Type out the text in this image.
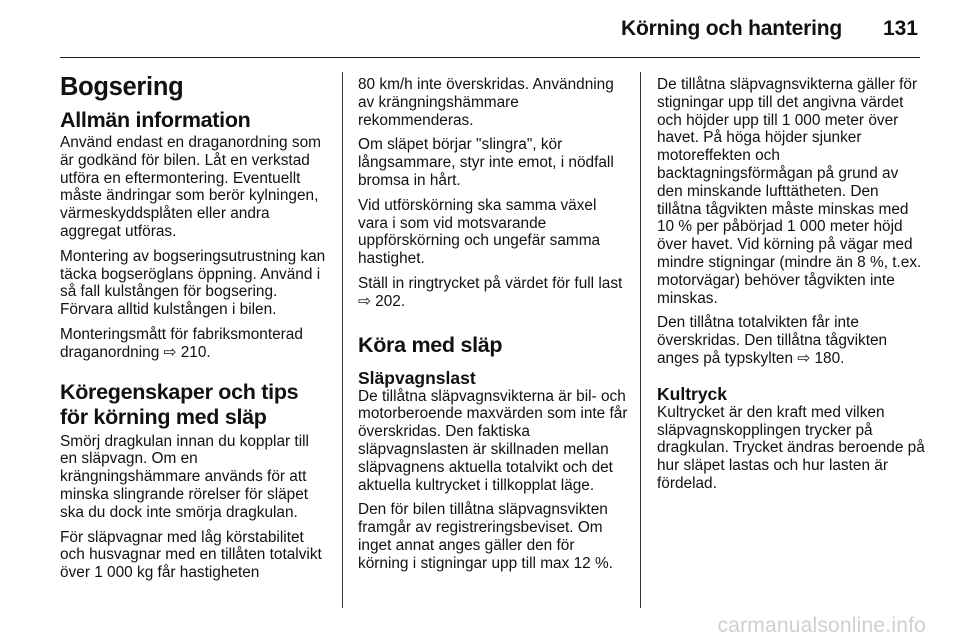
Körning och hantering 131
Bogsering
Allmän information

Använd endast en draganordning som är godkänd för bilen. Låt en verkstad utföra en eftermontering. Eventuellt måste ändringar som berör kylningen, värmeskyddsplåten eller andra aggregat utföras.

Montering av bogseringsutrustning kan täcka bogseröglans öppning. Använd i så fall kulstången för bogsering. Förvara alltid kulstången i bilen.

Monteringsmått för fabriksmonterad draganordning ⇨ 210.

Köregenskaper och tips för körning med släp

Smörj dragkulan innan du kopplar till en släpvagn. Om en krängningshämmare används för att minska slingrande rörelser för släpet ska du dock inte smörja dragkulan.

För släpvagnar med låg körstabilitet och husvagnar med en tillåten totalvikt över 1 000 kg får hastigheten

80 km/h inte överskridas. Användning av krängningshämmare rekommenderas.

Om släpet börjar "slingra", kör långsammare, styr inte emot, i nödfall bromsa in hårt.

Vid utförskörning ska samma växel vara i som vid motsvarande uppförskörning och ungefär samma hastighet.

Ställ in ringtrycket på värdet för full last ⇨ 202.

Köra med släp
Släpvagnslast

De tillåtna släpvagnsvikterna är bil- och motorberoende maxvärden som inte får överskridas. Den faktiska släpvagnslasten är skillnaden mellan släpvagnens aktuella totalvikt och det aktuella kultrycket i tillkopplat läge.

Den för bilen tillåtna släpvagnsvikten framgår av registreringsbeviset. Om inget annat anges gäller den för körning i stigningar upp till max 12 %.

De tillåtna släpvagnsvikterna gäller för stigningar upp till det angivna värdet och höjder upp till 1 000 meter över havet. På höga höjder sjunker motoreffekten och backtagningsförmågan på grund av den minskande lufttätheten. Den tillåtna tågvikten måste minskas med 10 % per påbörjad 1 000 meter höjd över havet. Vid körning på vägar med mindre stigningar (mindre än 8 %, t.ex. motorvägar) behöver tågvikten inte minskas.

Den tillåtna totalvikten får inte överskridas. Den tillåtna tågvikten anges på typskylten ⇨ 180.

Kultryck

Kultrycket är den kraft med vilken släpvagnskopplingen trycker på dragkulan. Trycket ändras beroende på hur släpet lastas och hur lasten är fördelad.

carmanualsonline.info
